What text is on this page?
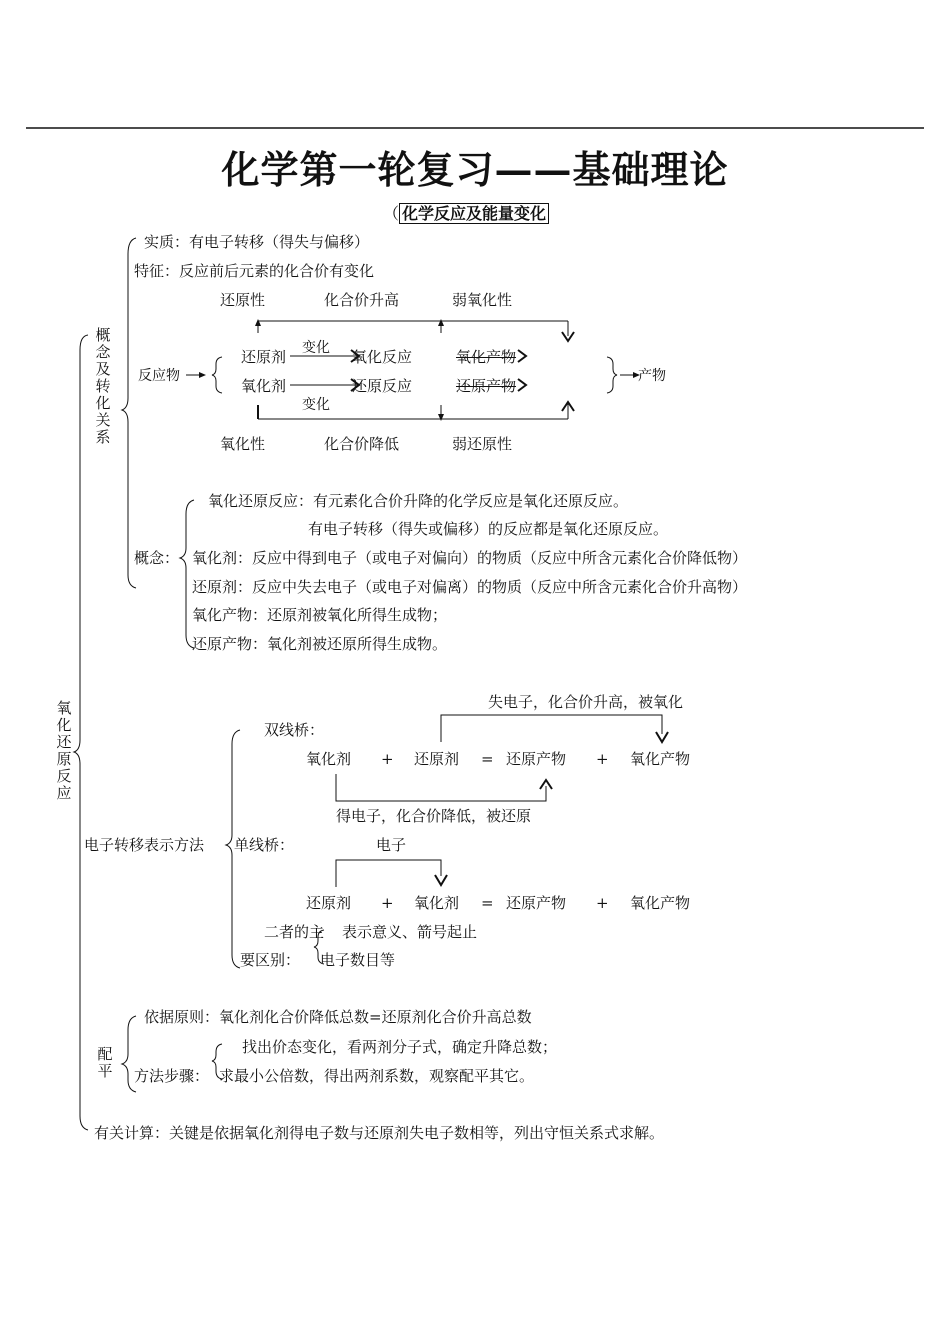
化学第一轮复习——基础理论
（ 化学反应及能量变化
氧化还原反应
概念及转化关系
实质：有电子转移（得失与偏移）
特征：反应前后元素的化合价有变化
还原性	化合价升高	弱氧化性
变化
还原剂	氧化反应	氧化产物
反应物	产物
氧化剂	还原反应	还原产物
变化
氧化性	化合价降低	弱还原性
概念：
氧化还原反应：有元素化合价升降的化学反应是氧化还原反应。
有电子转移（得失或偏移）的反应都是氧化还原反应。
氧化剂：反应中得到电子（或电子对偏向）的物质（反应中所含元素化合价降低物）
还原剂：反应中失去电子（或电子对偏离）的物质（反应中所含元素化合价升高物）
氧化产物：还原剂被氧化所得生成物；
还原产物：氧化剂被还原所得生成物。
失电子，化合价升高，被氧化
双线桥：
氧化剂 + 还原剂 = 还原产物 + 氧化产物
得电子，化合价降低，被还原
电子转移表示方法 单线桥：	电子
还原剂 + 氧化剂 = 还原产物 + 氧化产物
二者的主 表示意义、箭号起止
要区别： 电子数目等
依据原则：氧化剂化合价降低总数=还原剂化合价升高总数
配平
找出价态变化，看两剂分子式，确定升降总数；
方法步骤： 求最小公倍数，得出两剂系数，观察配平其它。
有关计算：关键是依据氧化剂得电子数与还原剂失电子数相等，列出守恒关系式求解。
